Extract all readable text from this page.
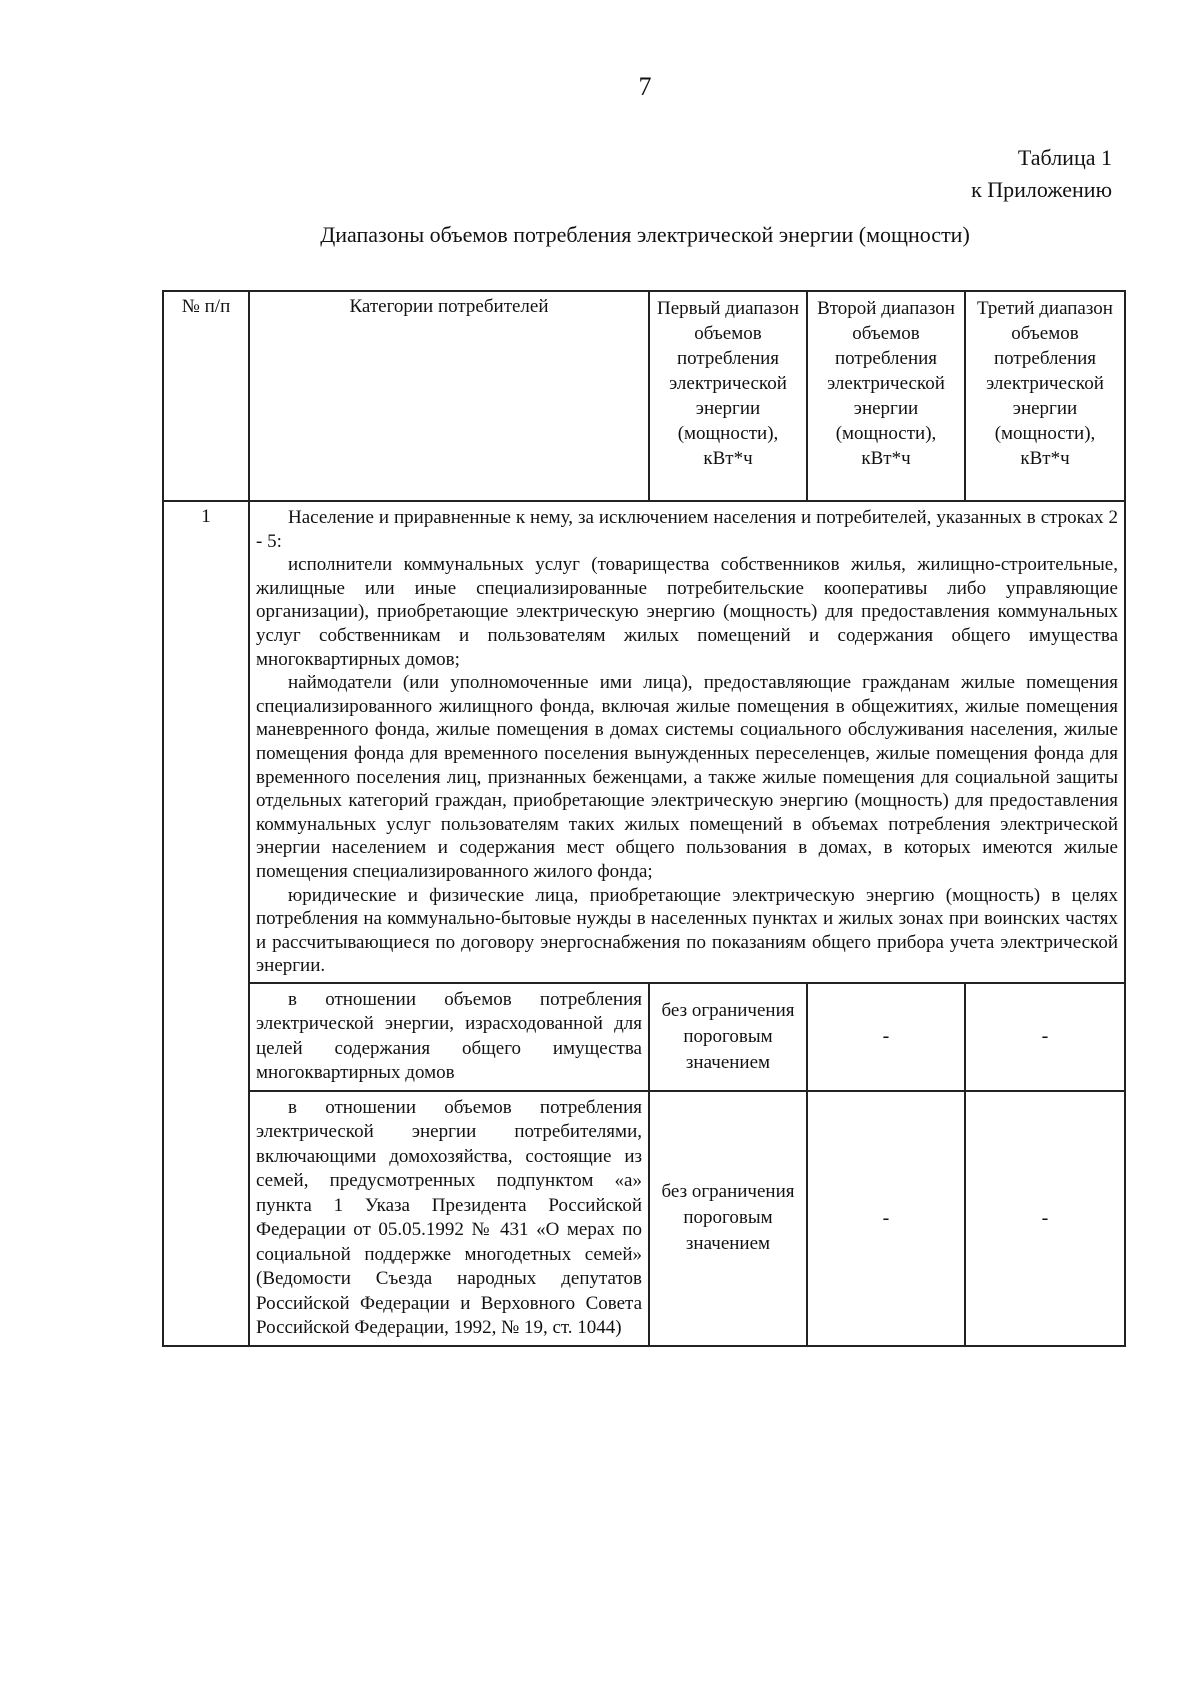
7
Таблица 1
к Приложению
Диапазоны объемов потребления электрической энергии (мощности)
№ п/п	Категории потребителей	Первый диапазон объемов потребления электрической энергии (мощности), кВт*ч	Второй диапазон объемов потребления электрической энергии (мощности), кВт*ч	Третий диапазон объемов потребления электрической энергии (мощности), кВт*ч
1	Население и приравненные к нему, за исключением населения и потребителей, указанных в строках 2 - 5:

исполнители коммунальных услуг (товарищества собственников жилья, жилищно-строительные, жилищные или иные специализированные потребительские кооперативы либо управляющие организации), приобретающие электрическую энергию (мощность) для предоставления коммунальных услуг собственникам и пользователям жилых помещений и содержания общего имущества многоквартирных домов;

наймодатели (или уполномоченные ими лица), предоставляющие гражданам жилые помещения специализированного жилищного фонда, включая жилые помещения в общежитиях, жилые помещения маневренного фонда, жилые помещения в домах системы социального обслуживания населения, жилые помещения фонда для временного поселения вынужденных переселенцев, жилые помещения фонда для временного поселения лиц, признанных беженцами, а также жилые помещения для социальной защиты отдельных категорий граждан, приобретающие электрическую энергию (мощность) для предоставления коммунальных услуг пользователям таких жилых помещений в объемах потребления электрической энергии населением и содержания мест общего пользования в домах, в которых имеются жилые помещения специализированного жилого фонда;

юридические и физические лица, приобретающие электрическую энергию (мощность) в целях потребления на коммунально-бытовые нужды в населенных пунктах и жилых зонах при воинских частях и рассчитывающиеся по договору энергоснабжения по показаниям общего прибора учета электрической энергии.			

	в отношении объемов потребления электрической энергии, израсходованной для целей содержания общего имущества многоквартирных домов	без ограничения пороговым значением	-	-

	в отношении объемов потребления электрической энергии потребителями, включающими домохозяйства, состоящие из семей, предусмотренных подпунктом «а» пункта 1 Указа Президента Российской Федерации от 05.05.1992 № 431 «О мерах по социальной поддержке многодетных семей» (Ведомости Съезда народных депутатов Российской Федерации и Верховного Совета Российской Федерации, 1992, № 19, ст. 1044)	без ограничения пороговым значением	-	-
